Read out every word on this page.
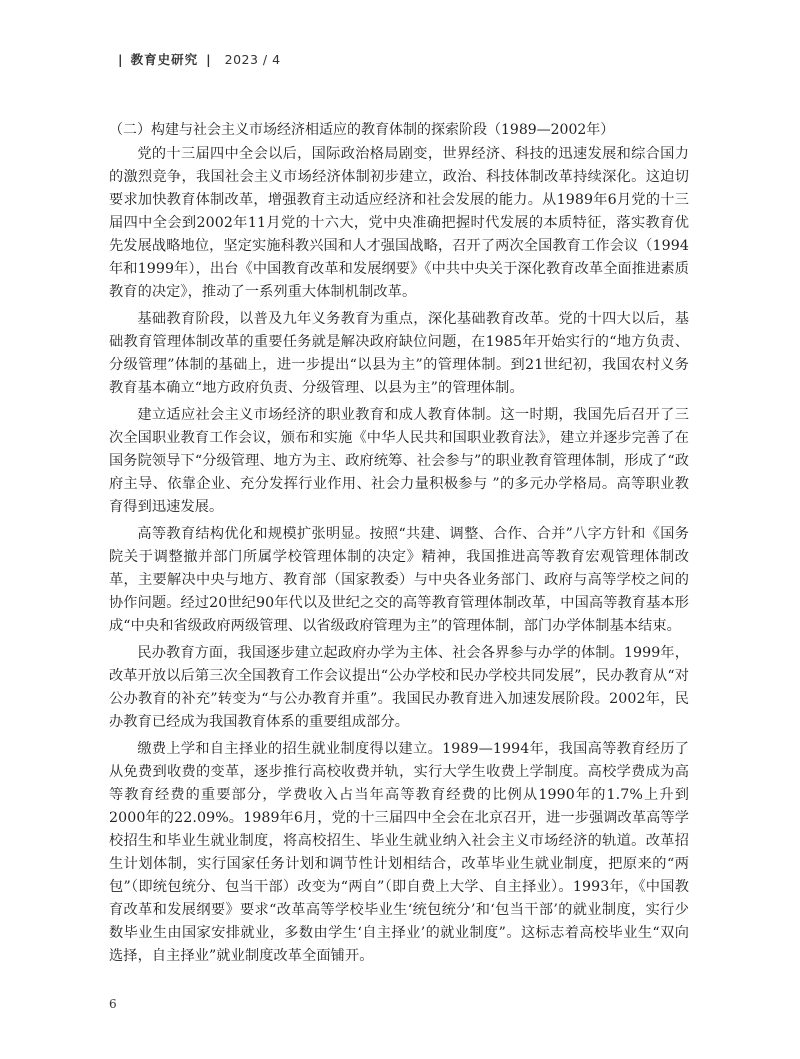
| 教育史研究 | 2023 / 4
（二）构建与社会主义市场经济相适应的教育体制的探索阶段（1989—2002年）

党的十三届四中全会以后，国际政治格局剧变，世界经济、科技的迅速发展和综合国力的激烈竞争，我国社会主义市场经济体制初步建立，政治、科技体制改革持续深化。这迫切要求加快教育体制改革，增强教育主动适应经济和社会发展的能力。从1989年6月党的十三届四中全会到2002年11月党的十六大，党中央准确把握时代发展的本质特征，落实教育优先发展战略地位，坚定实施科教兴国和人才强国战略，召开了两次全国教育工作会议（1994年和1999年），出台《中国教育改革和发展纲要》《中共中央关于深化教育改革全面推进素质教育的决定》，推动了一系列重大体制机制改革。

基础教育阶段，以普及九年义务教育为重点，深化基础教育改革。党的十四大以后，基础教育管理体制改革的重要任务就是解决政府缺位问题，在1985年开始实行的“地方负责、分级管理”体制的基础上，进一步提出“以县为主”的管理体制。到21世纪初，我国农村义务教育基本确立“地方政府负责、分级管理、以县为主”的管理体制。

建立适应社会主义市场经济的职业教育和成人教育体制。这一时期，我国先后召开了三次全国职业教育工作会议，颁布和实施《中华人民共和国职业教育法》，建立并逐步完善了在国务院领导下“分级管理、地方为主、政府统筹、社会参与”的职业教育管理体制，形成了“政府主导、依靠企业、充分发挥行业作用、社会力量积极参与 ”的多元办学格局。高等职业教育得到迅速发展。

高等教育结构优化和规模扩张明显。按照“共建、调整、合作、合并”八字方针和《国务院关于调整撤并部门所属学校管理体制的决定》精神，我国推进高等教育宏观管理体制改革，主要解决中央与地方、教育部（国家教委）与中央各业务部门、政府与高等学校之间的协作问题。经过20世纪90年代以及世纪之交的高等教育管理体制改革，中国高等教育基本形成“中央和省级政府两级管理、以省级政府管理为主”的管理体制，部门办学体制基本结束。

民办教育方面，我国逐步建立起政府办学为主体、社会各界参与办学的体制。1999年，改革开放以后第三次全国教育工作会议提出“公办学校和民办学校共同发展”，民办教育从“对公办教育的补充”转变为“与公办教育并重”。我国民办教育进入加速发展阶段。2002年，民办教育已经成为我国教育体系的重要组成部分。

缴费上学和自主择业的招生就业制度得以建立。1989—1994年，我国高等教育经历了从免费到收费的变革，逐步推行高校收费并轨，实行大学生收费上学制度。高校学费成为高等教育经费的重要部分，学费收入占当年高等教育经费的比例从1990年的1.7%上升到2000年的22.09%。1989年6月，党的十三届四中全会在北京召开，进一步强调改革高等学校招生和毕业生就业制度，将高校招生、毕业生就业纳入社会主义市场经济的轨道。改革招生计划体制，实行国家任务计划和调节性计划相结合，改革毕业生就业制度，把原来的“两包”（即统包统分、包当干部）改变为“两自”（即自费上大学、自主择业）。1993年，《中国教育改革和发展纲要》要求“改革高等学校毕业生‘统包统分’和‘包当干部’的就业制度，实行少数毕业生由国家安排就业，多数由学生‘自主择业’的就业制度”。这标志着高校毕业生“双向选择，自主择业”就业制度改革全面铺开。

6
